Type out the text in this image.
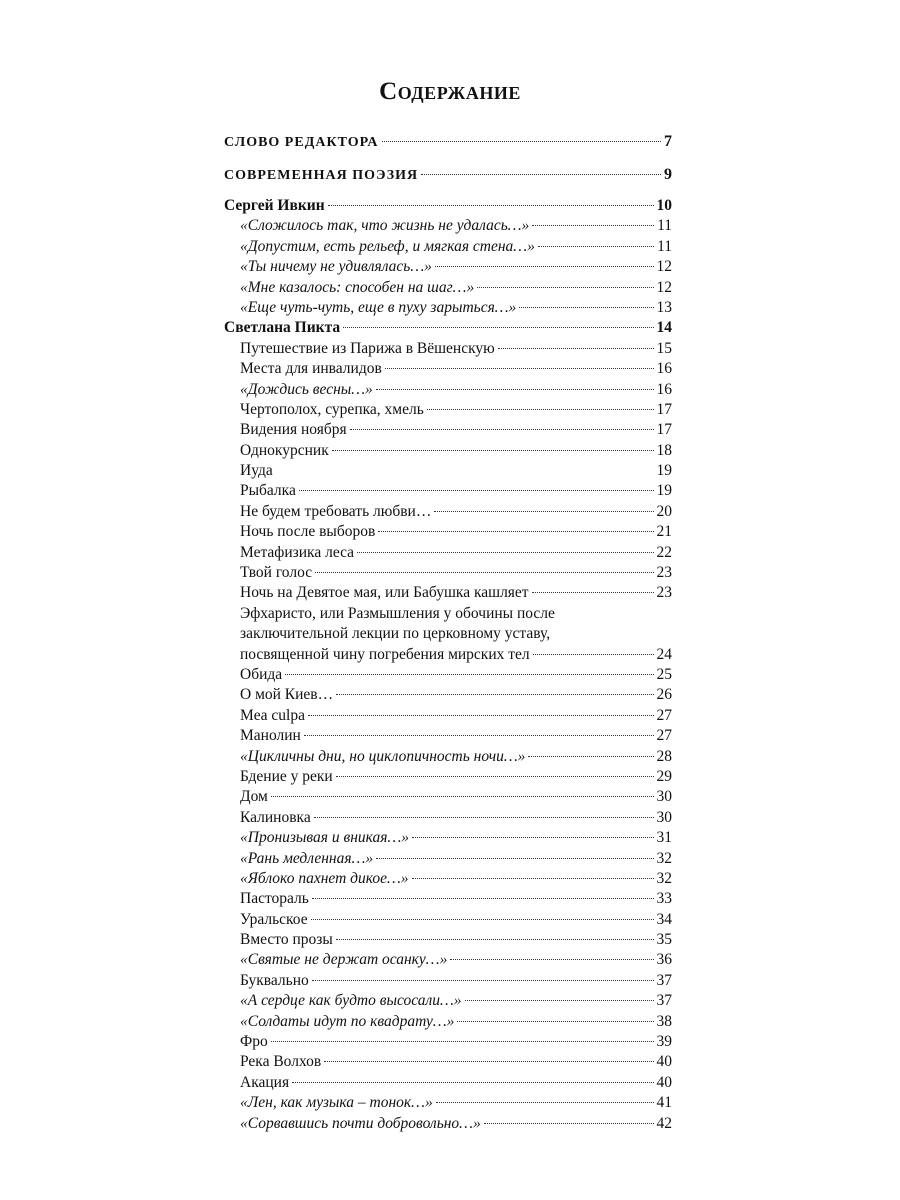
Содержание
СЛОВО РЕДАКТОРА	7
СОВРЕМЕННАЯ ПОЭЗИЯ	9
Сергей Ивкин	10
«Сложилось так, что жизнь не удалась…»	11
«Допустим, есть рельеф, и мягкая стена…»	11
«Ты ничему не удивлялась…»	12
«Мне казалось: способен на шаг…»	12
«Еще чуть-чуть, еще в пуху зарыться…»	13
Светлана Пикта	14
Путешествие из Парижа в Вёшенскую	15
Места для инвалидов	16
«Дождись весны…»	16
Чертополох, сурепка, хмель	17
Видения ноября	17
Однокурсник	18
Иуда	19
Рыбалка	19
Не будем требовать любви…	20
Ночь после выборов	21
Метафизика леса	22
Твой голос	23
Ночь на Девятое мая, или Бабушка кашляет	23
Эфхаристо, или Размышления у обочины после
заключительной лекции по церковному уставу,
посвященной чину погребения мирских тел	24
Обида	25
О мой Киев…	26
Mea culpa	27
Манолин	27
«Цикличны дни, но циклопичность ночи…»	28
Бдение у реки	29
Дом	30
Калиновка	30
«Пронизывая и вникая…»	31
«Рань медленная…»	32
«Яблоко пахнет дикое…»	32
Пастораль	33
Уральское	34
Вместо прозы	35
«Святые не держат осанку…»	36
Буквально	37
«А сердце как будто высосали…»	37
«Солдаты идут по квадрату…»	38
Фро	39
Река Волхов	40
Акация	40
«Лен, как музыка – тонок…»	41
«Сорвавшись почти добровольно…»	42
